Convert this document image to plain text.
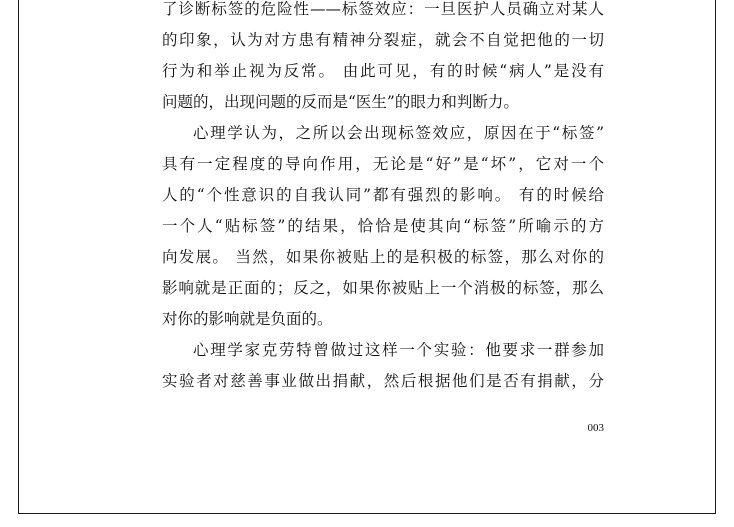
了诊断标签的危险性——标签效应：一旦医护人员确立对某人
的印象，认为对方患有精神分裂症，就会不自觉把他的一切
行为和举止视为反常。 由此可见，有的时候“病人”是没有
问题的，出现问题的反而是“医生”的眼力和判断力。
心理学认为，之所以会出现标签效应，原因在于“标签”
具有一定程度的导向作用，无论是“好”是“坏”，它对一个
人的“个性意识的自我认同”都有强烈的影响。 有的时候给
一个人“贴标签”的结果，恰恰是使其向“标签”所喻示的方
向发展。 当然，如果你被贴上的是积极的标签，那么对你的
影响就是正面的；反之，如果你被贴上一个消极的标签，那么
对你的影响就是负面的。
心理学家克劳特曾做过这样一个实验：他要求一群参加
实验者对慈善事业做出捐献，然后根据他们是否有捐献，分
003
